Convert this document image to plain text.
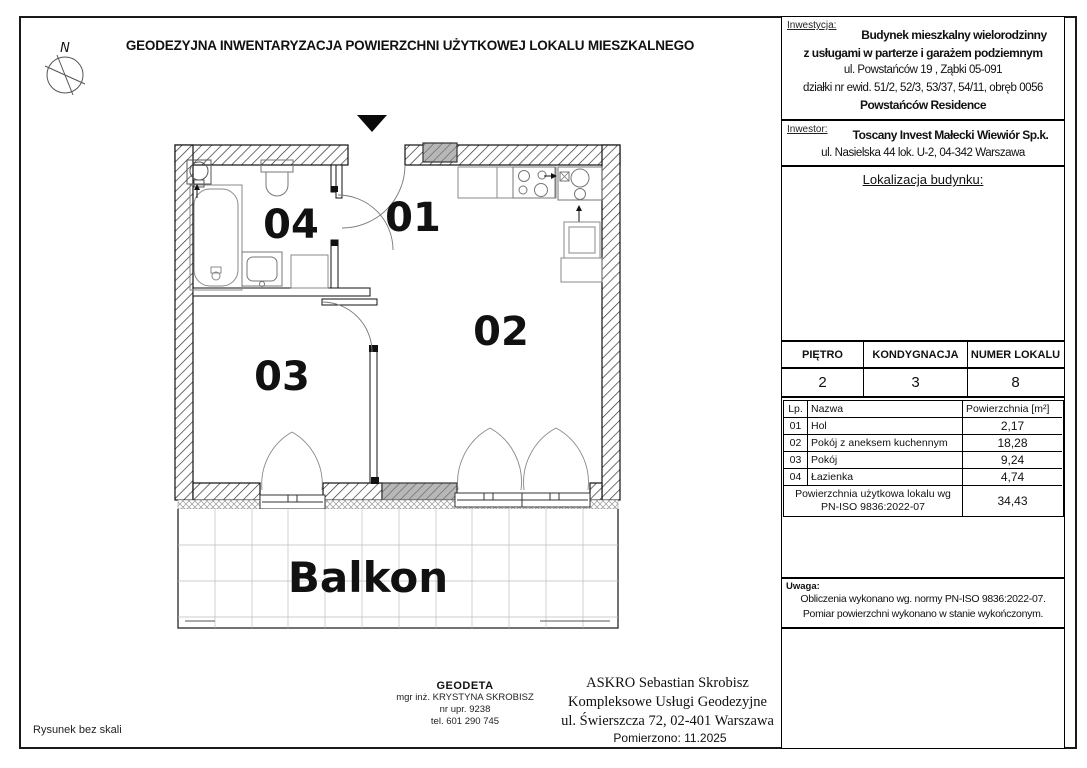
N
Balkon
04 01
02
03
GEODEZYJNA INWENTARYZACJA POWIERZCHNI UŻYTKOWEJ LOKALU MIESZKALNEGO
Rysunek bez skali
Inwestycja:
Budynek mieszkalny wielorodzinny
z usługami w parterze i garażem podziemnym
ul. Powstańców 19 , Ząbki 05-091
działki nr ewid. 51/2, 52/3, 53/37, 54/11, obręb 0056
Powstańców Residence
Inwestor:	Toscany Invest Małecki Wiewiór Sp.k.
ul. Nasielska 44 lok. U-2, 04-342 Warszawa
Lokalizacja budynku:
PIĘTRO	KONDYGNACJA	NUMER LOKALU
2	3	8
Lp. Nazwa	Powierzchnia [m²]
01 Hol	2,17
02 Pokój z aneksem kuchennym	18,28
03 Pokój	9,24
04 Łazienka	4,74
Powierzchnia użytkowa lokalu wg
PN-ISO 9836:2022-07	34,43
Uwaga:
Obliczenia wykonano wg. normy PN-ISO 9836:2022-07.
Pomiar powierzchni wykonano w stanie wykończonym.
GEODETA
mgr inż. KRYSTYNA SKROBISZ
nr upr. 9238
tel. 601 290 745
ASKRO Sebastian Skrobisz
Kompleksowe Usługi Geodezyjne
ul. Świerszcza 72, 02-401 Warszawa
Pomierzono: 11.2025
